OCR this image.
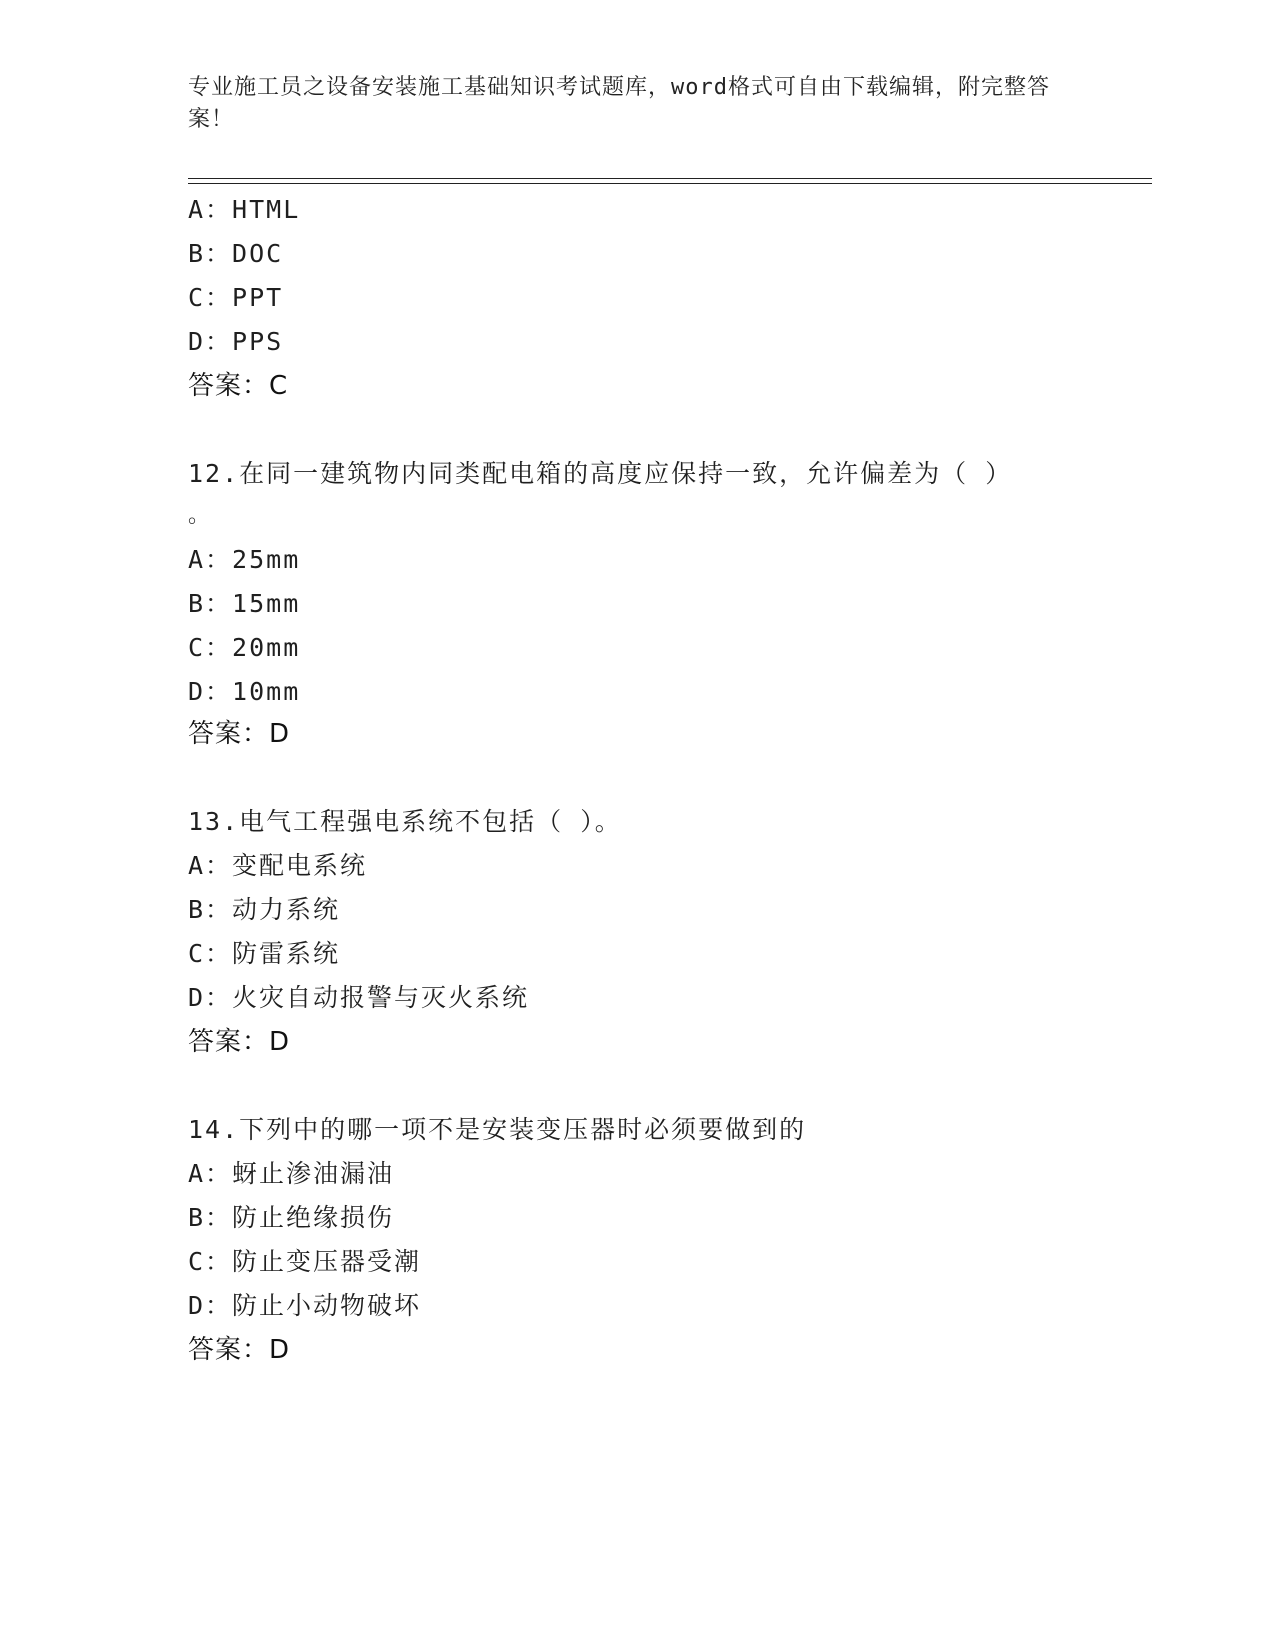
专业施工员之设备安装施工基础知识考试题库，word格式可自由下载编辑，附完整答案！
A：HTML
B：DOC
C：PPT
D：PPS
答案：C
12.在同一建筑物内同类配电箱的高度应保持一致，允许偏差为（ ）
。
A：25mm
B：15mm
C：20mm
D：10mm
答案：D
13.电气工程强电系统不包括（ ）。
A：变配电系统
B：动力系统
C：防雷系统
D：火灾自动报警与灭火系统
答案：D
14.下列中的哪一项不是安装变压器时必须要做到的
A：蚜止渗油漏油
B：防止绝缘损伤
C：防止变压器受潮
D：防止小动物破坏
答案：D
